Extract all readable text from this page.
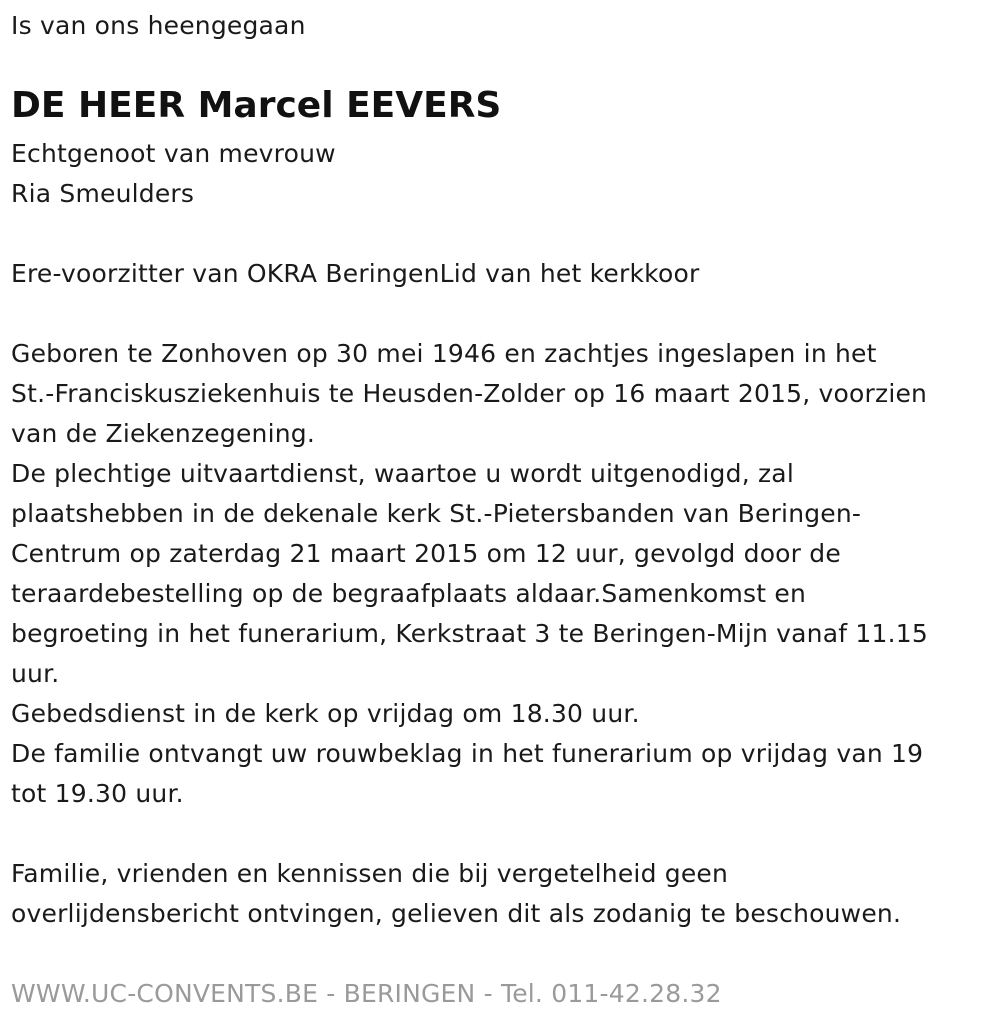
Is van ons heengegaan
DE HEER Marcel EEVERS
Echtgenoot van mevrouw
Ria Smeulders
Ere-voorzitter van OKRA BeringenLid van het kerkkoor
Geboren te Zonhoven op 30 mei 1946 en zachtjes ingeslapen in het
St.-Franciskusziekenhuis te Heusden-Zolder op 16 maart 2015, voorzien
van de Ziekenzegening.
De plechtige uitvaartdienst, waartoe u wordt uitgenodigd, zal
plaatshebben in de dekenale kerk St.-Pietersbanden van Beringen-
Centrum op zaterdag 21 maart 2015 om 12 uur, gevolgd door de
teraardebestelling op de begraafplaats aldaar.Samenkomst en
begroeting in het funerarium, Kerkstraat 3 te Beringen-Mijn vanaf 11.15
uur.
Gebedsdienst in de kerk op vrijdag om 18.30 uur.
De familie ontvangt uw rouwbeklag in het funerarium op vrijdag van 19
tot 19.30 uur.
Familie, vrienden en kennissen die bij vergetelheid geen
overlijdensbericht ontvingen, gelieven dit als zodanig te beschouwen.
WWW.UC-CONVENTS.BE - BERINGEN - Tel. 011-42.28.32
